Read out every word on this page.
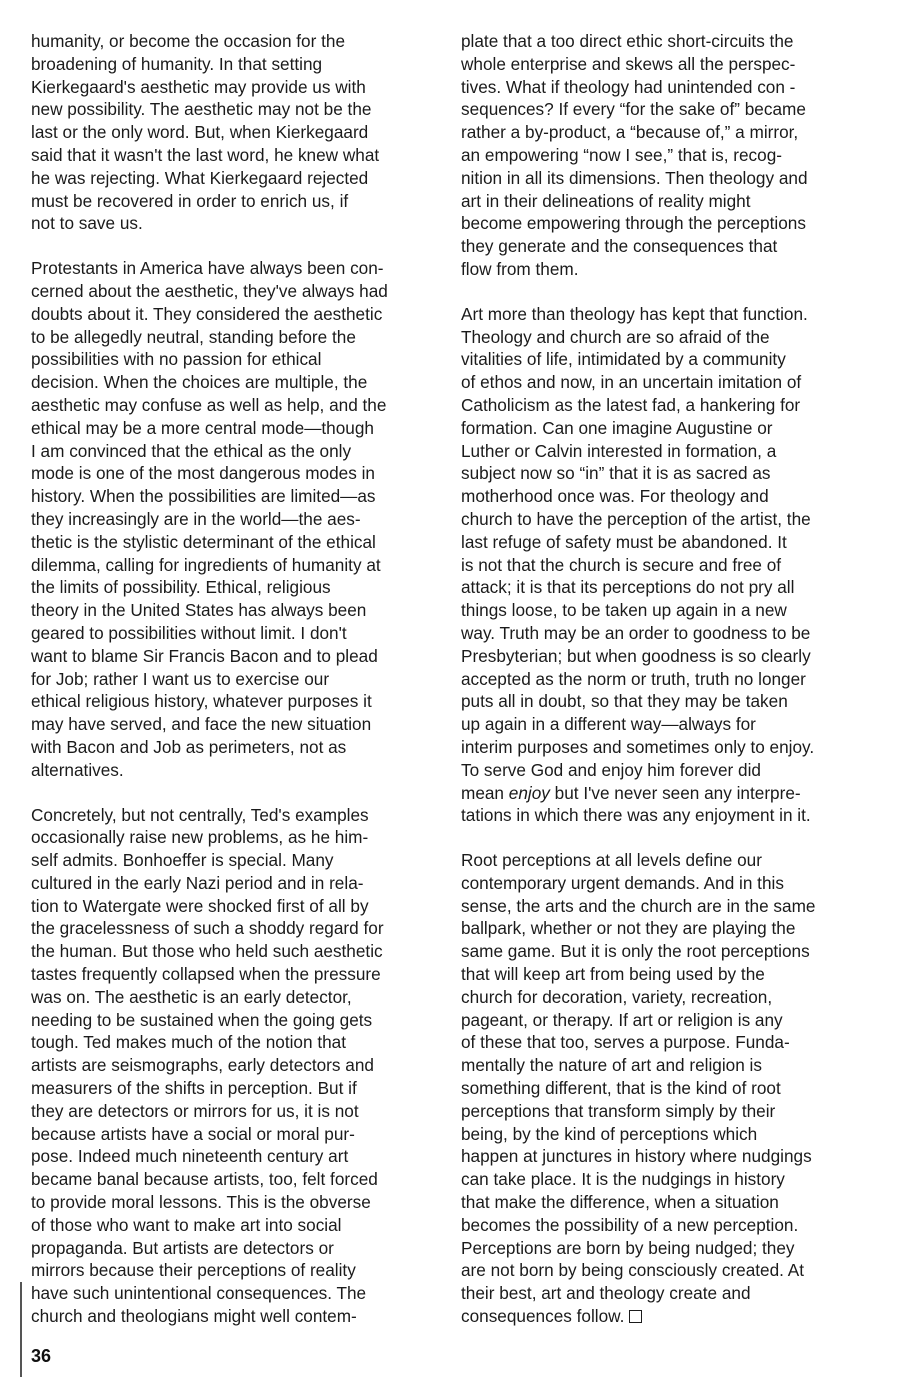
humanity, or become the occasion for the
broadening of humanity. In that setting
Kierkegaard's aesthetic may provide us with
new possibility. The aesthetic may not be the
last or the only word. But, when Kierkegaard
said that it wasn't the last word, he knew what
he was rejecting. What Kierkegaard rejected
must be recovered in order to enrich us, if
not to save us.
Protestants in America have always been con-
cerned about the aesthetic, they've always had
doubts about it. They considered the aesthetic
to be allegedly neutral, standing before the
possibilities with no passion for ethical
decision. When the choices are multiple, the
aesthetic may confuse as well as help, and the
ethical may be a more central mode—though
I am convinced that the ethical as the only
mode is one of the most dangerous modes in
history. When the possibilities are limited—as
they increasingly are in the world—the aes-
thetic is the stylistic determinant of the ethical
dilemma, calling for ingredients of humanity at
the limits of possibility. Ethical, religious
theory in the United States has always been
geared to possibilities without limit. I don't
want to blame Sir Francis Bacon and to plead
for Job; rather I want us to exercise our
ethical religious history, whatever purposes it
may have served, and face the new situation
with Bacon and Job as perimeters, not as
alternatives.
Concretely, but not centrally, Ted's examples
occasionally raise new problems, as he him-
self admits. Bonhoeffer is special. Many
cultured in the early Nazi period and in rela-
tion to Watergate were shocked first of all by
the gracelessness of such a shoddy regard for
the human. But those who held such aesthetic
tastes frequently collapsed when the pressure
was on. The aesthetic is an early detector,
needing to be sustained when the going gets
tough. Ted makes much of the notion that
artists are seismographs, early detectors and
measurers of the shifts in perception. But if
they are detectors or mirrors for us, it is not
because artists have a social or moral pur-
pose. Indeed much nineteenth century art
became banal because artists, too, felt forced
to provide moral lessons. This is the obverse
of those who want to make art into social
propaganda. But artists are detectors or
mirrors because their perceptions of reality
have such unintentional consequences. The
church and theologians might well contem-
plate that a too direct ethic short-circuits the
whole enterprise and skews all the perspec-
tives. What if theology had unintended con -
sequences? If every “for the sake of” became
rather a by-product, a “because of,” a mirror,
an empowering “now I see,” that is, recog-
nition in all its dimensions. Then theology and
art in their delineations of reality might
become empowering through the perceptions
they generate and the consequences that
flow from them.
Art more than theology has kept that function.
Theology and church are so afraid of the
vitalities of life, intimidated by a community
of ethos and now, in an uncertain imitation of
Catholicism as the latest fad, a hankering for
formation. Can one imagine Augustine or
Luther or Calvin interested in formation, a
subject now so “in” that it is as sacred as
motherhood once was. For theology and
church to have the perception of the artist, the
last refuge of safety must be abandoned. It
is not that the church is secure and free of
attack; it is that its perceptions do not pry all
things loose, to be taken up again in a new
way. Truth may be an order to goodness to be
Presbyterian; but when goodness is so clearly
accepted as the norm or truth, truth no longer
puts all in doubt, so that they may be taken
up again in a different way—always for
interim purposes and sometimes only to enjoy.
To serve God and enjoy him forever did
mean enjoy but I've never seen any interpre-
tations in which there was any enjoyment in it.
Root perceptions at all levels define our
contemporary urgent demands. And in this
sense, the arts and the church are in the same
ballpark, whether or not they are playing the
same game. But it is only the root perceptions
that will keep art from being used by the
church for decoration, variety, recreation,
pageant, or therapy. If art or religion is any
of these that too, serves a purpose. Funda-
mentally the nature of art and religion is
something different, that is the kind of root
perceptions that transform simply by their
being, by the kind of perceptions which
happen at junctures in history where nudgings
can take place. It is the nudgings in history
that make the difference, when a situation
becomes the possibility of a new perception.
Perceptions are born by being nudged; they
are not born by being consciously created. At
their best, art and theology create and
consequences follow.
36
